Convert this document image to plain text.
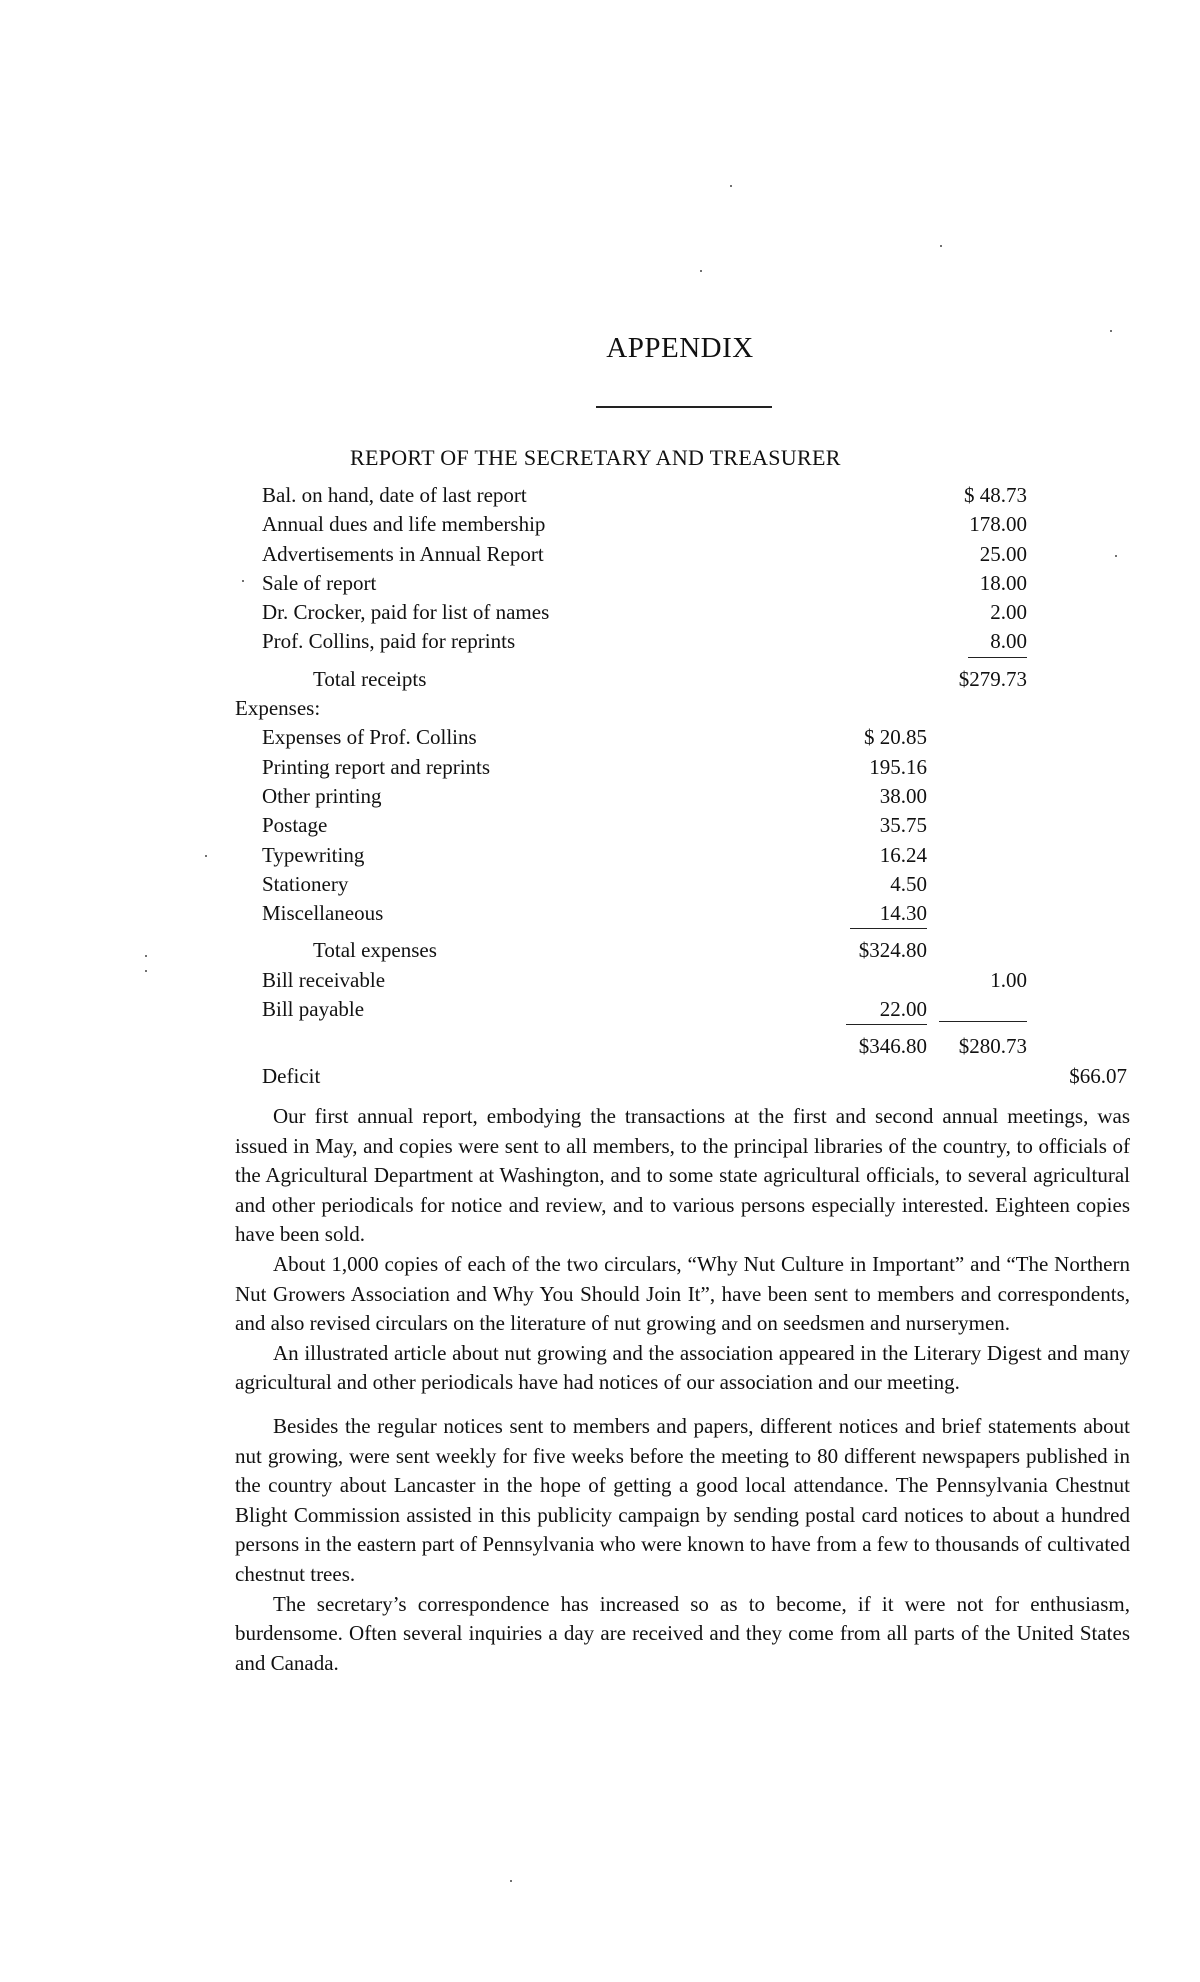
APPENDIX
REPORT OF THE SECRETARY AND TREASURER
Bal. on hand, date of last report	$ 48.73
Annual dues and life membership	178.00
Advertisements in Annual Report	25.00
Sale of report	18.00
Dr. Crocker, paid for list of names	2.00
Prof. Collins, paid for reprints	8.00
Total receipts	$279.73
Expenses:
Expenses of Prof. Collins	$ 20.85
Printing report and reprints	195.16
Other printing	38.00
Postage	35.75
Typewriting	16.24
Stationery	4.50
Miscellaneous	14.30
Total expenses	$324.80
Bill receivable	1.00
Bill payable	22.00
$346.80 $280.73
Deficit	$66.07

Our first annual report, embodying the transactions at the first and second annual meetings, was issued in May, and copies were sent to all members, to the principal libraries of the country, to officials of the Agricultural Department at Washington, and to some state agricultural officials, to several agricultural and other periodicals for notice and review, and to various persons especially interested. Eighteen copies have been sold.

About 1,000 copies of each of the two circulars, “Why Nut Culture in Important” and “The Northern Nut Growers Association and Why You Should Join It”, have been sent to members and correspondents, and also revised circulars on the literature of nut growing and on seedsmen and nurserymen.

An illustrated article about nut growing and the association appeared in the Literary Digest and many agricultural and other periodicals have had notices of our association and our meeting.

Besides the regular notices sent to members and papers, different notices and brief statements about nut growing, were sent weekly for five weeks before the meeting to 80 different newspapers published in the country about Lancaster in the hope of getting a good local attendance. The Pennsylvania Chestnut Blight Commission assisted in this publicity campaign by sending postal card notices to about a hundred persons in the eastern part of Pennsylvania who were known to have from a few to thousands of cultivated chestnut trees.

The secretary’s correspondence has increased so as to become, if it were not for enthusiasm, burdensome. Often several inquiries a day are received and they come from all parts of the United States and Canada.
